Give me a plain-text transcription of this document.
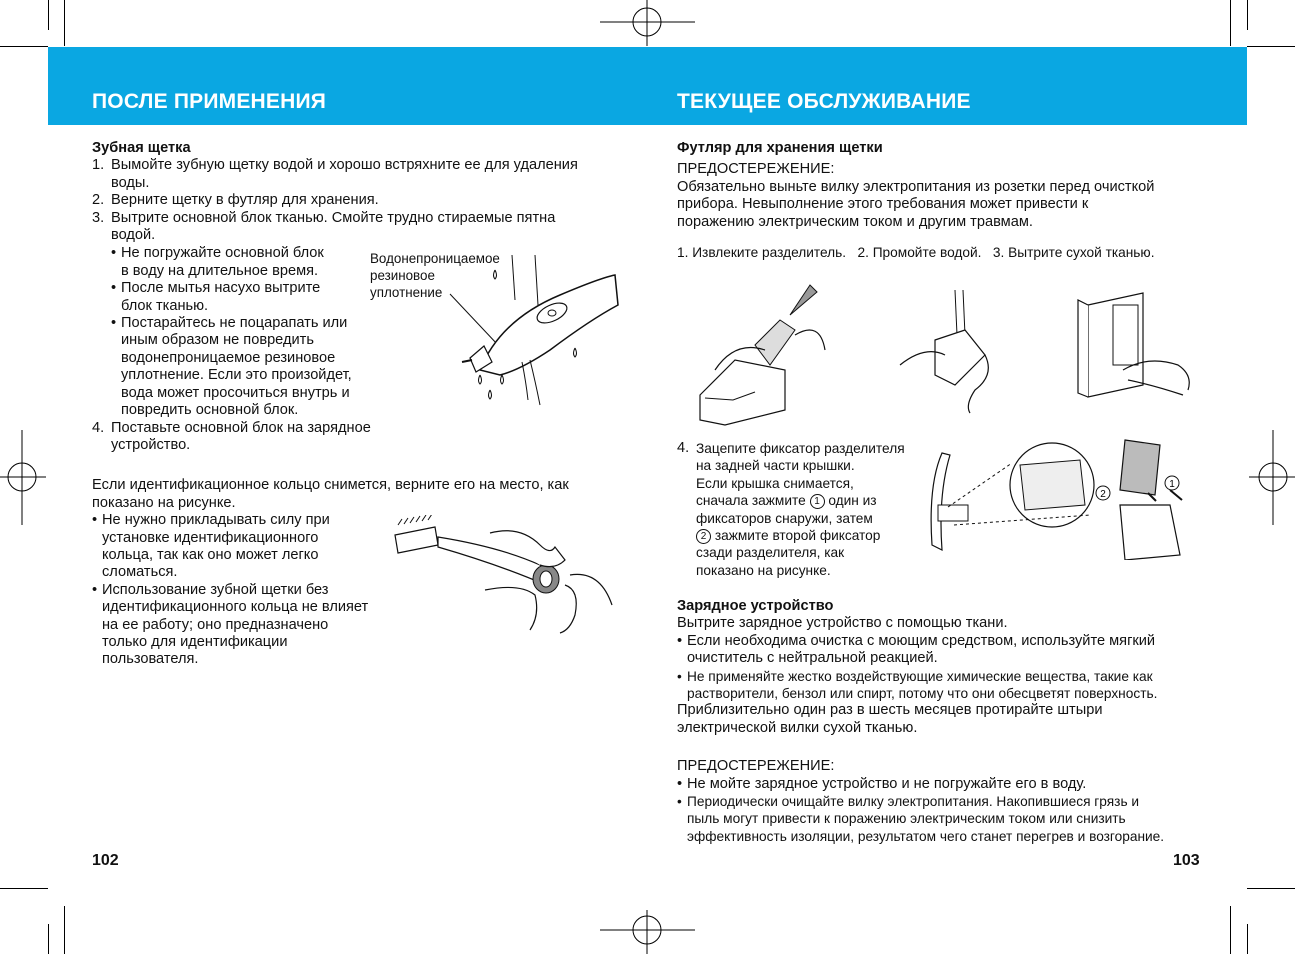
ПОСЛЕ ПРИМЕНЕНИЯ	ТЕКУЩЕЕ ОБСЛУЖИВАНИЕ

Зубная щетка

1. Вымойте зубную щетку водой и хорошо встряхните ее для удаления
воды.
2. Верните щетку в футляр для хранения.
3. Вытрите основной блок тканью. Смойте трудно стираемые пятна
водой.
• Не погружайте основной блок
в воду на длительное время.
• После мытья насухо вытрите
блок тканью.
• Постарайтесь не поцарапать или
иным образом не повредить
водонепроницаемое резиновое
уплотнение. Если это произойдет,
вода может просочиться внутрь и
повредить основной блок.
4. Поставьте основной блок на зарядное
устройство.

Если идентификационное кольцо снимется, верните его на место, как
показано на рисунке.

• Не нужно прикладывать силу при
установке идентификационного
кольца, так как оно может легко
сломаться.
• Использование зубной щетки без
идентификационного кольца не влияет
на ее работу; оно предназначено
только для идентификации
пользователя.
Водонепроницаемое
резиновое
уплотнение

Футляр для хранения щетки

ПРЕДОСТЕРЕЖЕНИЕ:

Обязательно выньте вилку электропитания из розетки перед очисткой
прибора. Невыполнение этого требования может привести к
поражению электрическим током и другим травмам.

1. Извлеките разделитель. 2. Промойте водой. 3. Вытрите сухой тканью.
4. Зацепите фиксатор разделителя
на задней части крышки.
Если крышка снимается,
сначала зажмите 1 один из
фиксаторов снаружи, затем
2 зажмите второй фиксатор
сзади разделителя, как
показано на рисунке.
2
1

Зарядное устройство

Вытрите зарядное устройство с помощью ткани.

• Если необходима очистка с моющим средством, используйте мягкий
очиститель с нейтральной реакцией.
• Не применяйте жестко воздействующие химические вещества, такие как
растворители, бензол или спирт, потому что они обесцветят поверхность.

Приблизительно один раз в шесть месяцев протирайте штыри
электрической вилки сухой тканью.

ПРЕДОСТЕРЕЖЕНИЕ:

• Не мойте зарядное устройство и не погружайте его в воду.
• Периодически очищайте вилку электропитания. Накопившиеся грязь и
пыль могут привести к поражению электрическим током или снизить
эффективность изоляции, результатом чего станет перегрев и возгорание.
102	103
